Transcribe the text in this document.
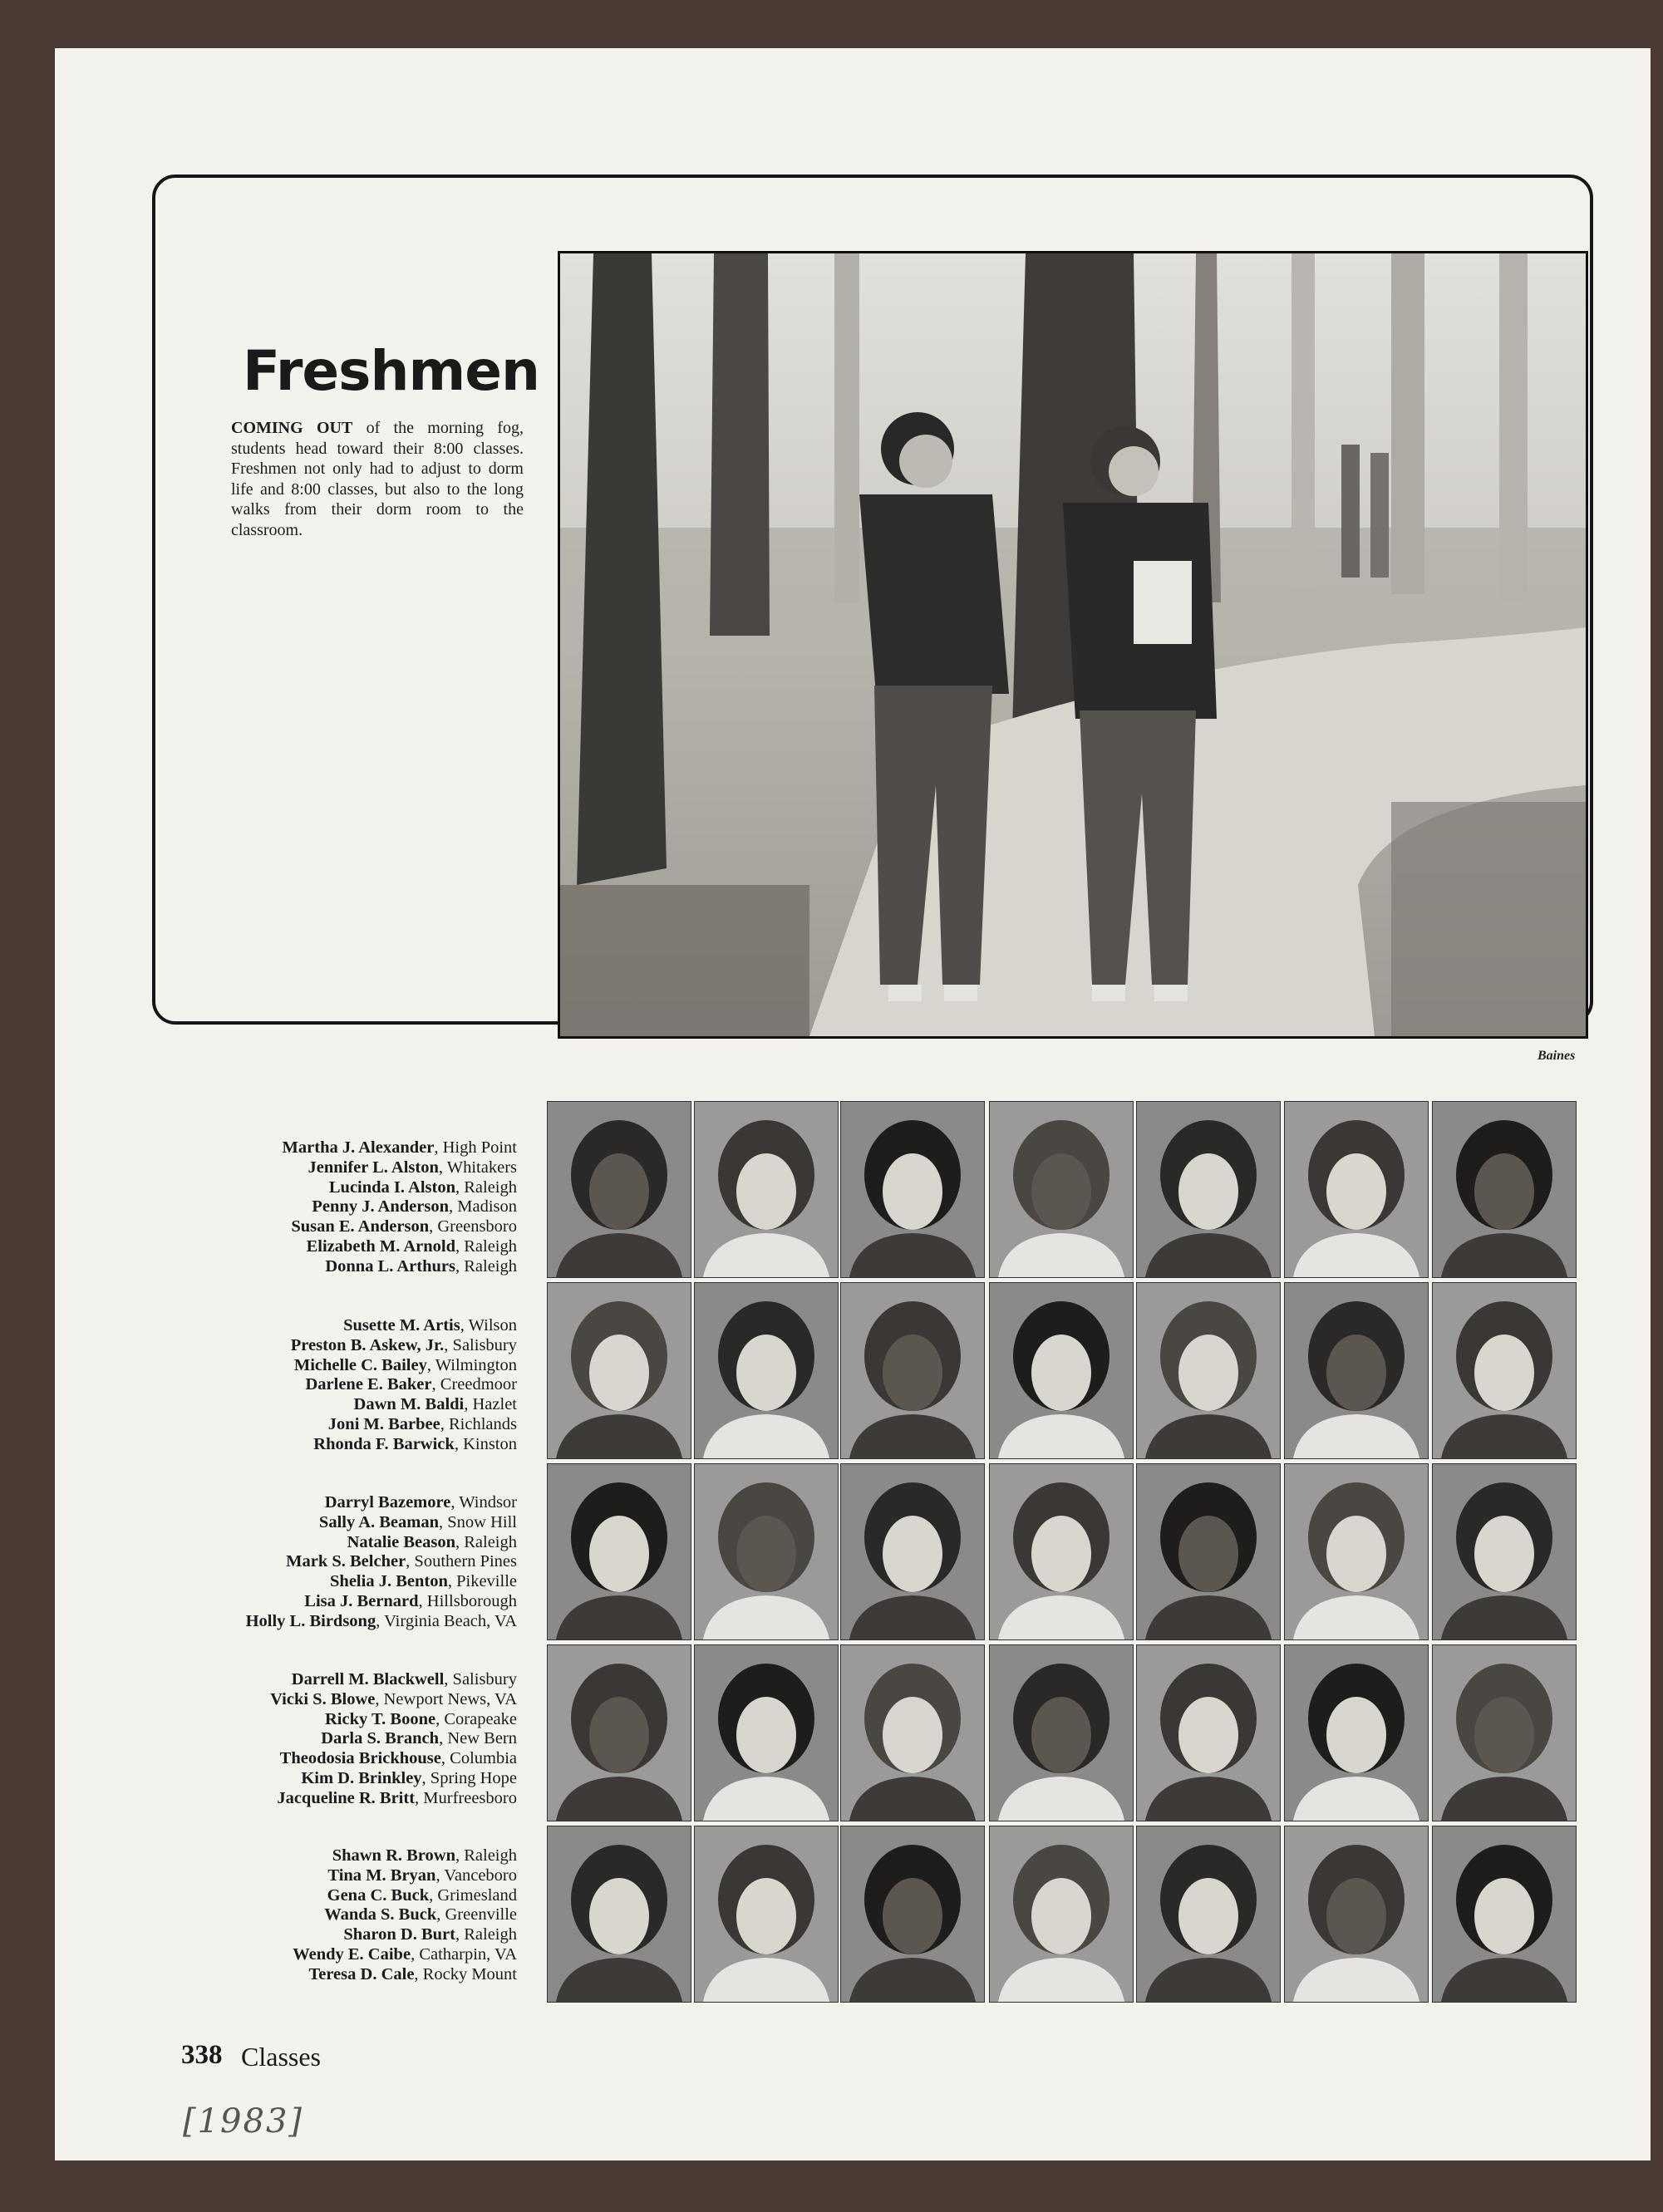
Freshmen

COMING OUT of the morning fog, students head toward their 8:00 classes. Freshmen not only had to adjust to dorm life and 8:00 classes, but also to the long walks from their dorm room to the classroom.

Baines
Martha J. Alexander, High Point
Jennifer L. Alston, Whitakers
Lucinda I. Alston, Raleigh
Penny J. Anderson, Madison
Susan E. Anderson, Greensboro
Elizabeth M. Arnold, Raleigh
Donna L. Arthurs, Raleigh
Susette M. Artis, Wilson
Preston B. Askew, Jr., Salisbury
Michelle C. Bailey, Wilmington
Darlene E. Baker, Creedmoor
Dawn M. Baldi, Hazlet
Joni M. Barbee, Richlands
Rhonda F. Barwick, Kinston
Darryl Bazemore, Windsor
Sally A. Beaman, Snow Hill
Natalie Beason, Raleigh
Mark S. Belcher, Southern Pines
Shelia J. Benton, Pikeville
Lisa J. Bernard, Hillsborough
Holly L. Birdsong, Virginia Beach, VA
Darrell M. Blackwell, Salisbury
Vicki S. Blowe, Newport News, VA
Ricky T. Boone, Corapeake
Darla S. Branch, New Bern
Theodosia Brickhouse, Columbia
Kim D. Brinkley, Spring Hope
Jacqueline R. Britt, Murfreesboro
Shawn R. Brown, Raleigh
Tina M. Bryan, Vanceboro
Gena C. Buck, Grimesland
Wanda S. Buck, Greenville
Sharon D. Burt, Raleigh
Wendy E. Caibe, Catharpin, VA
Teresa D. Cale, Rocky Mount
338 Classes
[1983]
